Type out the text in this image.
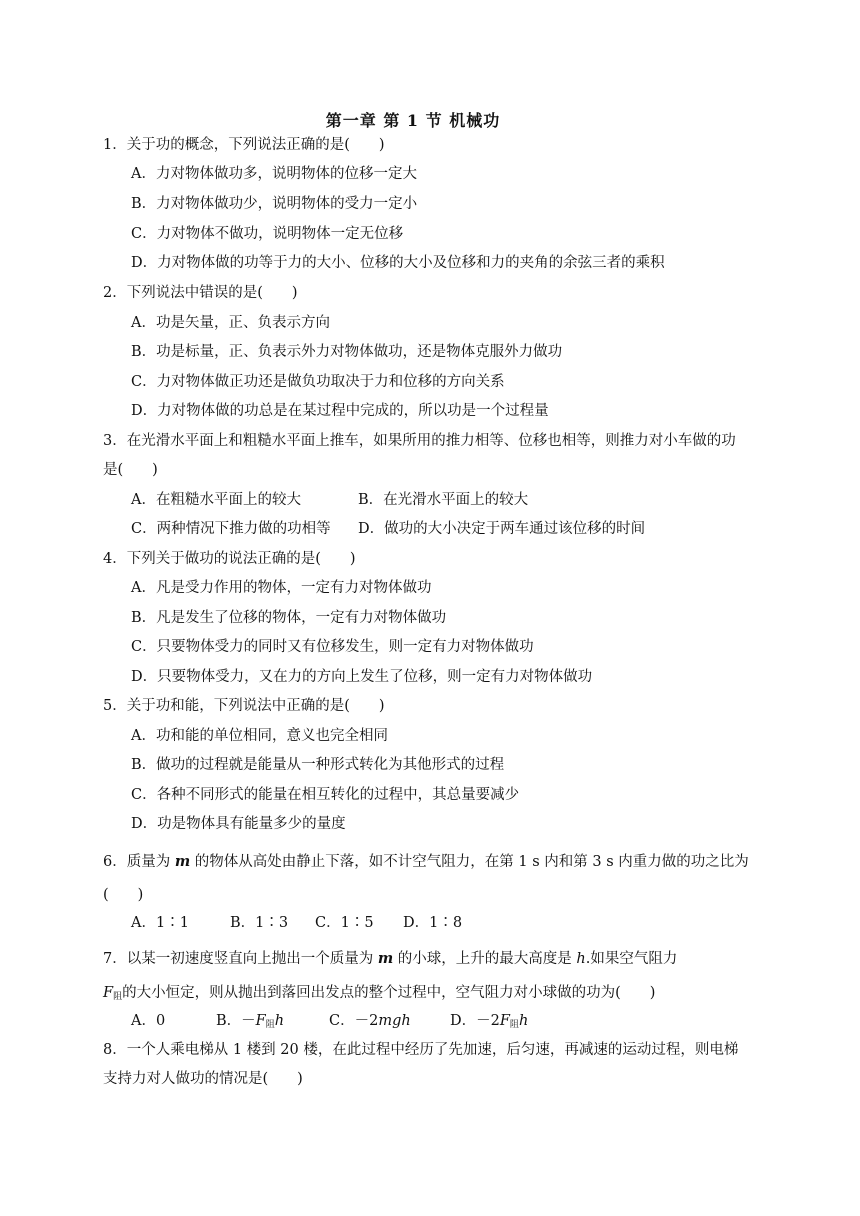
第一章 第 1 节 机械功
1．关于功的概念，下列说法正确的是(　　)
A．力对物体做功多，说明物体的位移一定大
B．力对物体做功少，说明物体的受力一定小
C．力对物体不做功，说明物体一定无位移
D．力对物体做的功等于力的大小、位移的大小及位移和力的夹角的余弦三者的乘积
2．下列说法中错误的是(　　)
A．功是矢量，正、负表示方向
B．功是标量，正、负表示外力对物体做功，还是物体克服外力做功
C．力对物体做正功还是做负功取决于力和位移的方向关系
D．力对物体做的功总是在某过程中完成的，所以功是一个过程量
3．在光滑水平面上和粗糙水平面上推车，如果所用的推力相等、位移也相等，则推力对小车做的功
是(　　)
A．在粗糙水平面上的较大	B．在光滑水平面上的较大
C．两种情况下推力做的功相等 D．做功的大小决定于两车通过该位移的时间
4．下列关于做功的说法正确的是(　　)
A．凡是受力作用的物体，一定有力对物体做功
B．凡是发生了位移的物体，一定有力对物体做功
C．只要物体受力的同时又有位移发生，则一定有力对物体做功
D．只要物体受力，又在力的方向上发生了位移，则一定有力对物体做功
5．关于功和能，下列说法中正确的是(　　)
A．功和能的单位相同，意义也完全相同
B．做功的过程就是能量从一种形式转化为其他形式的过程
C．各种不同形式的能量在相互转化的过程中，其总量要减少
D．功是物体具有能量多少的量度
6．质量为 m 的物体从高处由静止下落，如不计空气阻力，在第 1 s 内和第 3 s 内重力做的功之比为
(　　)
A．1∶1	B．1∶3 C．1∶5 D．1∶8
7．以某一初速度竖直向上抛出一个质量为 m 的小球，上升的最大高度是 h.如果空气阻力
$F_阻$的大小恒定，则从抛出到落回出发点的整个过程中，空气阻力对小球做的功为(　　)
A．0	B．$-F_阻h$	C．－2mgh	D．$-2F_阻h$
8．一个人乘电梯从 1 楼到 20 楼，在此过程中经历了先加速，后匀速，再减速的运动过程，则电梯
支持力对人做功的情况是(　　)
